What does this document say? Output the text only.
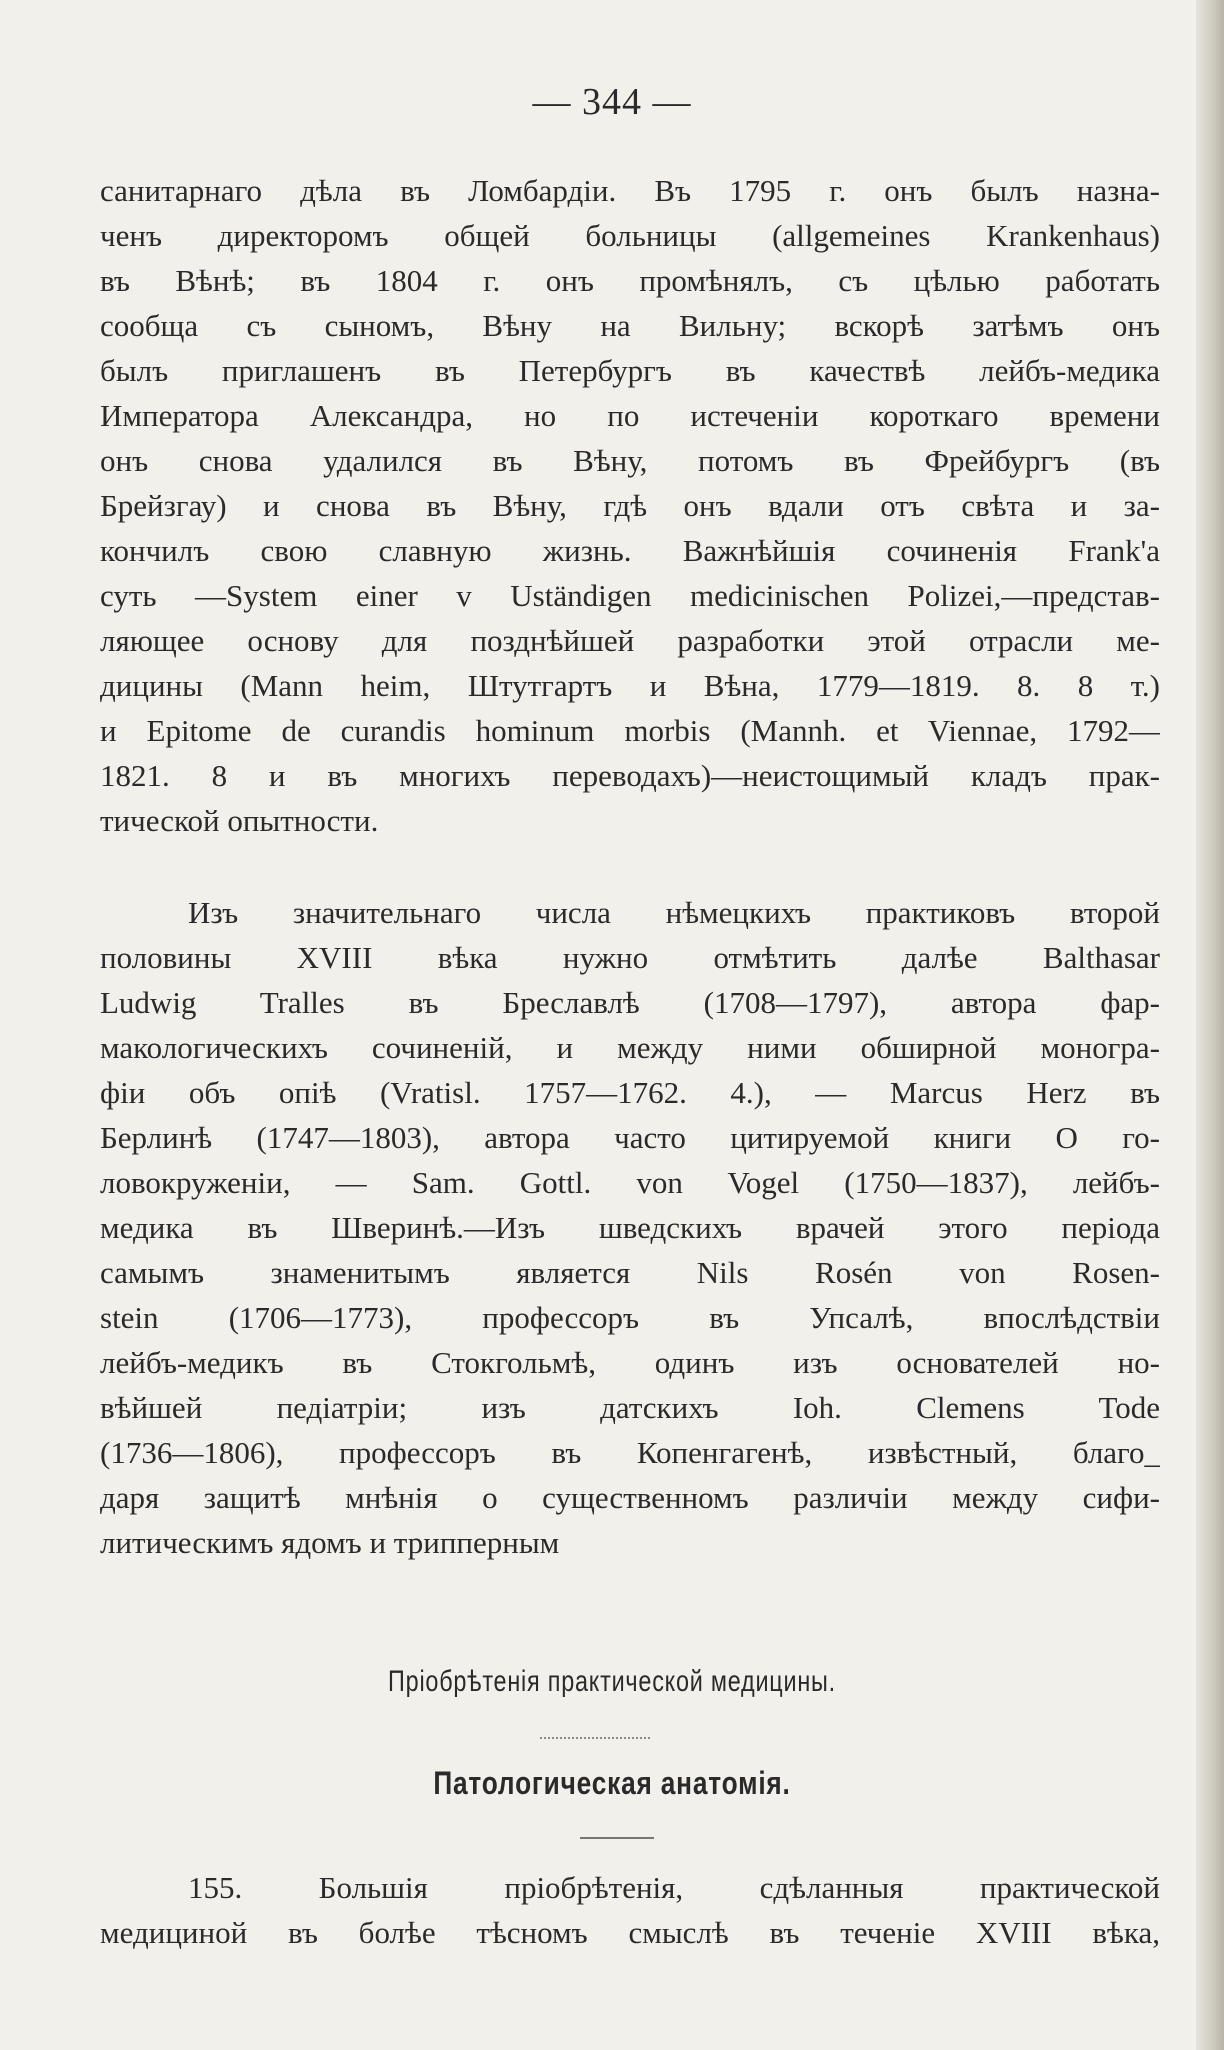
— 344 —
санитарнаго дѣла въ Ломбардіи. Въ 1795 г. онъ былъ назна-
ченъ директоромъ общей больницы (allgemeines Krankenhaus)
въ Вѣнѣ; въ 1804 г. онъ промѣнялъ, съ цѣлью работать
сообща съ сыномъ, Вѣну на Вильну; вскорѣ затѣмъ онъ
былъ приглашенъ въ Петербургъ въ качествѣ лейбъ-медика
Императора Александра, но по истеченіи короткаго времени
онъ снова удалился въ Вѣну, потомъ въ Фрейбургъ (въ
Брейзгау) и снова въ Вѣну, гдѣ онъ вдали отъ свѣта и за-
кончилъ свою славную жизнь. Важнѣйшія сочиненія Frank'a
суть —System einer v Uständigen medicinischen Polizei,—представ-
ляющее основу для позднѣйшей разработки этой отрасли ме-
дицины (Mann heim, Штутгартъ и Вѣна, 1779—1819. 8. 8 т.)
и Epitome de curandis hominum morbis (Mannh. et Viennae, 1792—
1821. 8 и въ многихъ переводахъ)—неистощимый кладъ прак-
тической опытности.
Изъ значительнаго числа нѣмецкихъ практиковъ второй
половины XVIII вѣка нужно отмѣтить далѣе Balthasar
Ludwig Tralles въ Бреславлѣ (1708—1797), автора фар-
макологическихъ сочиненій, и между ними обширной моногра-
фіи объ опіѣ (Vratisl. 1757—1762. 4.), — Marcus Herz въ
Берлинѣ (1747—1803), автора часто цитируемой книги О го-
ловокруженіи, — Sam. Gottl. von Vogel (1750—1837), лейбъ-
медика въ Шверинѣ.—Изъ шведскихъ врачей этого періода
самымъ знаменитымъ является Nils Rosén von Rosen-
stein (1706—1773), профессоръ въ Упсалѣ, впослѣдствіи
лейбъ-медикъ въ Стокгольмѣ, одинъ изъ основателей но-
вѣйшей педіатріи; изъ датскихъ Ioh. Clemens Tode
(1736—1806), профессоръ въ Копенгагенѣ, извѣстный, благо_
даря защитѣ мнѣнія о существенномъ различіи между сифи-
литическимъ ядомъ и трипперным
Пріобрѣтенія практической медицины.
Патологическая анатомія.
155. Большія пріобрѣтенія, сдѣланныя практической
медициной въ болѣе тѣсномъ смыслѣ въ теченіе XVIII вѣка,
